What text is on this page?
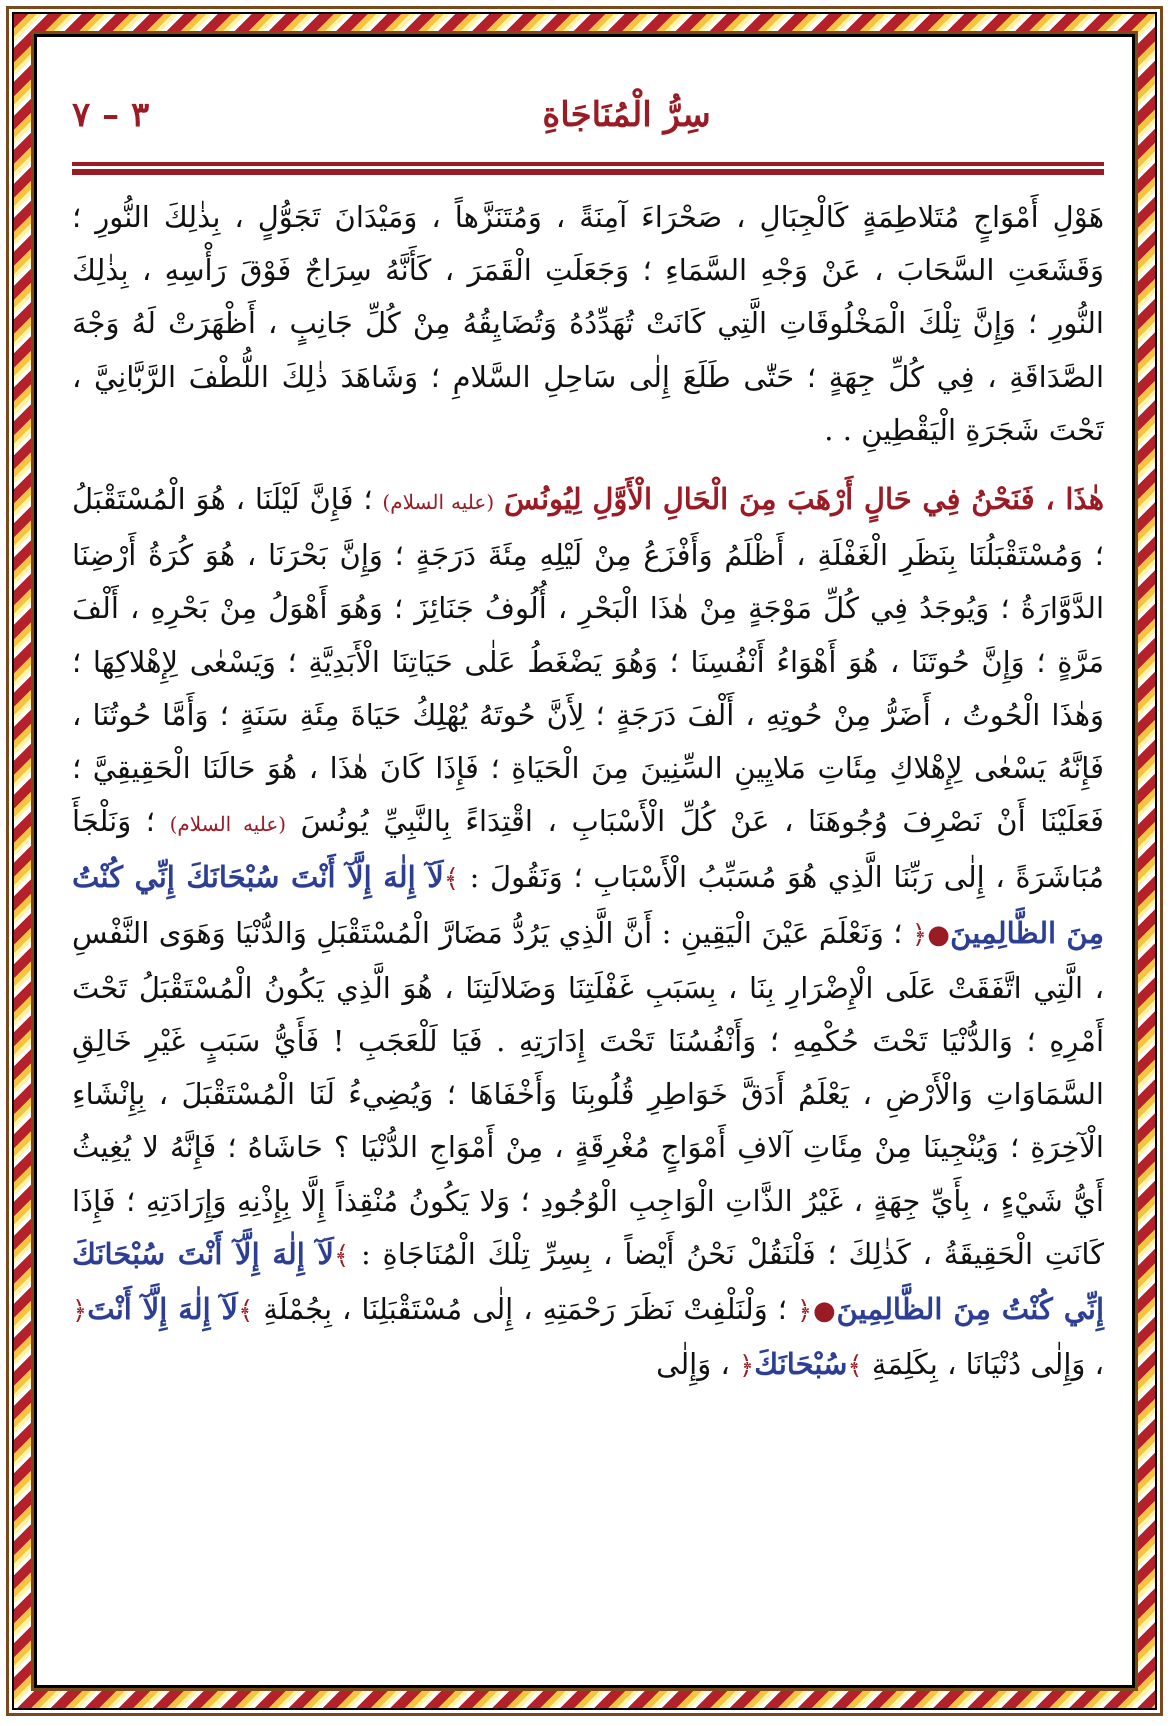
سِرُّ الْمُنَاجَاةِ
٣ – ٧

هَوْلِ أَمْوَاجٍ مُتَلاطِمَةٍ كَالْجِبَالِ ، صَحْرَاءَ آمِنَةً ، وَمُتَنَزَّهاً ، وَمَيْدَانَ تَجَوُّلٍ ، بِذٰلِكَ النُّورِ ؛ وَقَشَعَتِ السَّحَابَ ، عَنْ وَجْهِ السَّمَاءِ ؛ وَجَعَلَتِ الْقَمَرَ ، كَأَنَّهُ سِرَاجٌ فَوْقَ رَأْسِهِ ، بِذٰلِكَ النُّورِ ؛ وَإِنَّ تِلْكَ الْمَخْلُوقَاتِ الَّتِي كَانَتْ تُهَدِّدُهُ وَتُضَايِقُهُ مِنْ كُلِّ جَانِبٍ ، أَظْهَرَتْ لَهُ وَجْهَ الصَّدَاقَةِ ، فِي كُلِّ جِهَةٍ ؛ حَتّٰى طَلَعَ إِلٰى سَاحِلِ السَّلامِ ؛ وَشَاهَدَ ذٰلِكَ اللُّطْفَ الرَّبَّانِيَّ ، تَحْتَ شَجَرَةِ الْيَقْطِينِ . .

هٰذَا ، فَنَحْنُ فِي حَالٍ أَرْهَبَ مِنَ الْحَالِ الْأَوَّلِ لِيُونُسَ (عليه السلام) ؛ فَإِنَّ لَيْلَنَا ، هُوَ الْمُسْتَقْبَلُ ؛ وَمُسْتَقْبَلُنَا بِنَظَرِ الْغَفْلَةِ ، أَظْلَمُ وَأَفْزَعُ مِنْ لَيْلِهِ مِئَةَ دَرَجَةٍ ؛ وَإِنَّ بَحْرَنَا ، هُوَ كُرَةُ أَرْضِنَا الدَّوَّارَةُ ؛ وَيُوجَدُ فِي كُلِّ مَوْجَةٍ مِنْ هٰذَا الْبَحْرِ ، أُلُوفُ جَنَائِزَ ؛ وَهُوَ أَهْوَلُ مِنْ بَحْرِهِ ، أَلْفَ مَرَّةٍ ؛ وَإِنَّ حُوتَنَا ، هُوَ أَهْوَاءُ أَنْفُسِنَا ؛ وَهُوَ يَضْغَطُ عَلٰى حَيَاتِنَا الْأَبَدِيَّةِ ؛ وَيَسْعٰى لِإِهْلاكِهَا ؛ وَهٰذَا الْحُوتُ ، أَضَرُّ مِنْ حُوتِهِ ، أَلْفَ دَرَجَةٍ ؛ لِأَنَّ حُوتَهُ يُهْلِكُ حَيَاةَ مِئَةِ سَنَةٍ ؛ وَأَمَّا حُوتُنَا ، فَإِنَّهُ يَسْعٰى لِإِهْلاكِ مِئَاتِ مَلايِينِ السِّنِينَ مِنَ الْحَيَاةِ ؛ فَإِذَا كَانَ هٰذَا ، هُوَ حَالَنَا الْحَقِيقِيَّ ؛ فَعَلَيْنَا أَنْ نَصْرِفَ وُجُوهَنَا ، عَنْ كُلِّ الْأَسْبَابِ ، اقْتِدَاءً بِالنَّبِيِّ يُونُسَ (عليه السلام) ؛ وَنَلْجَأَ مُبَاشَرَةً ، إِلٰى رَبِّنَا الَّذِي هُوَ مُسَبِّبُ الْأَسْبَابِ ؛ وَنَقُولَ : ﴾لَآ إِلٰهَ إِلَّآ أَنْتَ سُبْحَانَكَ إِنِّي كُنْتُ مِنَ الظَّالِمِينَ●﴿ ؛ وَنَعْلَمَ عَيْنَ الْيَقِينِ : أَنَّ الَّذِي يَرُدُّ مَضَارَّ الْمُسْتَقْبَلِ وَالدُّنْيَا وَهَوَى النَّفْسِ ، الَّتِي اتَّفَقَتْ عَلَى الْإِضْرَارِ بِنَا ، بِسَبَبِ غَفْلَتِنَا وَضَلالَتِنَا ، هُوَ الَّذِي يَكُونُ الْمُسْتَقْبَلُ تَحْتَ أَمْرِهِ ؛ وَالدُّنْيَا تَحْتَ حُكْمِهِ ؛ وَأَنْفُسُنَا تَحْتَ إِدَارَتِهِ . فَيَا لَلْعَجَبِ ! فَأَيُّ سَبَبٍ غَيْرِ خَالِقِ السَّمَاوَاتِ وَالْأَرْضِ ، يَعْلَمُ أَدَقَّ خَوَاطِرِ قُلُوبِنَا وَأَخْفَاهَا ؛ وَيُضِيءُ لَنَا الْمُسْتَقْبَلَ ، بِإِنْشَاءِ الْآخِرَةِ ؛ وَيُنْجِينَا مِنْ مِئَاتِ آلافِ أَمْوَاجٍ مُغْرِقَةٍ ، مِنْ أَمْوَاجِ الدُّنْيَا ؟ حَاشَاهُ ؛ فَإِنَّهُ لا يُغِيثُ أَيُّ شَيْءٍ ، بِأَيِّ جِهَةٍ ، غَيْرُ الذَّاتِ الْوَاجِبِ الْوُجُودِ ؛ وَلا يَكُونُ مُنْقِذاً إِلَّا بِإِذْنِهِ وَإِرَادَتِهِ ؛ فَإِذَا كَانَتِ الْحَقِيقَةُ ، كَذٰلِكَ ؛ فَلْنَقُلْ نَحْنُ أَيْضاً ، بِسِرِّ تِلْكَ الْمُنَاجَاةِ : ﴾لَآ إِلٰهَ إِلَّآ أَنْتَ سُبْحَانَكَ إِنِّي كُنْتُ مِنَ الظَّالِمِينَ●﴿ ؛ وَلْنَلْفِتْ نَظَرَ رَحْمَتِهِ ، إِلٰى مُسْتَقْبَلِنَا ، بِجُمْلَةِ ﴾لَآ إِلٰهَ إِلَّآ أَنْتَ﴿ ، وَإِلٰى دُنْيَانَا ، بِكَلِمَةِ ﴾سُبْحَانَكَ﴿ ، وَإِلٰى
